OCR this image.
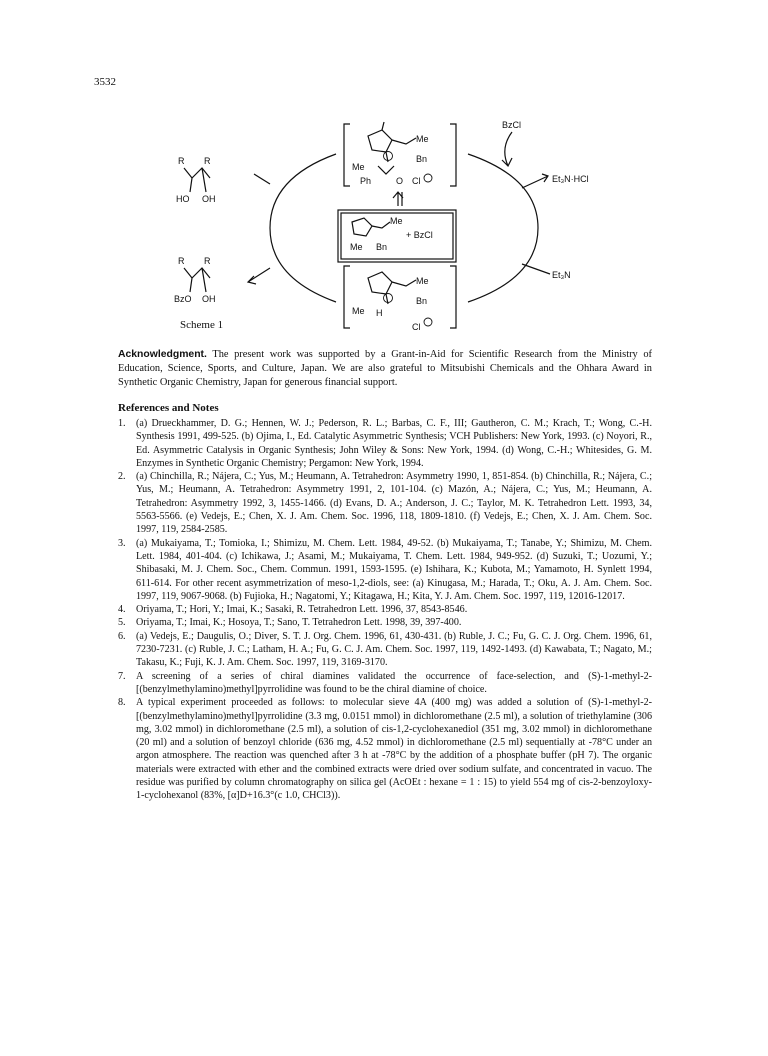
3532
BzCl
Et₃N·HCl
Et₃N
R R
HO OH
R R
BzO OH
Me
Me
Bn
Ph	O Cl
Me
Me Bn
+ BzCl
Me
Me H
Bn
Cl
Scheme 1
Acknowledgment. The present work was supported by a Grant-in-Aid for Scientific Research from the Ministry of Education, Science, Sports, and Culture, Japan. We are also grateful to Mitsubishi Chemicals and the Ohhara Award in Synthetic Organic Chemistry, Japan for generous financial support.
References and Notes
1. (a) Drueckhammer, D. G.; Hennen, W. J.; Pederson, R. L.; Barbas, C. F., III; Gautheron, C. M.; Krach, T.; Wong, C.-H. Synthesis 1991, 499-525. (b) Ojima, I., Ed. Catalytic Asymmetric Synthesis; VCH Publishers: New York, 1993. (c) Noyori, R., Ed. Asymmetric Catalysis in Organic Synthesis; John Wiley & Sons: New York, 1994. (d) Wong, C.-H.; Whitesides, G. M. Enzymes in Synthetic Organic Chemistry; Pergamon: New York, 1994.
2. (a) Chinchilla, R.; Nájera, C.; Yus, M.; Heumann, A. Tetrahedron: Asymmetry 1990, 1, 851-854. (b) Chinchilla, R.; Nájera, C.; Yus, M.; Heumann, A. Tetrahedron: Asymmetry 1991, 2, 101-104. (c) Mazón, A.; Nájera, C.; Yus, M.; Heumann, A. Tetrahedron: Asymmetry 1992, 3, 1455-1466. (d) Evans, D. A.; Anderson, J. C.; Taylor, M. K. Tetrahedron Lett. 1993, 34, 5563-5566. (e) Vedejs, E.; Chen, X. J. Am. Chem. Soc. 1996, 118, 1809-1810. (f) Vedejs, E.; Chen, X. J. Am. Chem. Soc. 1997, 119, 2584-2585.
3. (a) Mukaiyama, T.; Tomioka, I.; Shimizu, M. Chem. Lett. 1984, 49-52. (b) Mukaiyama, T.; Tanabe, Y.; Shimizu, M. Chem. Lett. 1984, 401-404. (c) Ichikawa, J.; Asami, M.; Mukaiyama, T. Chem. Lett. 1984, 949-952. (d) Suzuki, T.; Uozumi, Y.; Shibasaki, M. J. Chem. Soc., Chem. Commun. 1991, 1593-1595. (e) Ishihara, K.; Kubota, M.; Yamamoto, H. Synlett 1994, 611-614. For other recent asymmetrization of meso-1,2-diols, see: (a) Kinugasa, M.; Harada, T.; Oku, A. J. Am. Chem. Soc. 1997, 119, 9067-9068. (b) Fujioka, H.; Nagatomi, Y.; Kitagawa, H.; Kita, Y. J. Am. Chem. Soc. 1997, 119, 12016-12017.
4. Oriyama, T.; Hori, Y.; Imai, K.; Sasaki, R. Tetrahedron Lett. 1996, 37, 8543-8546.
5. Oriyama, T.; Imai, K.; Hosoya, T.; Sano, T. Tetrahedron Lett. 1998, 39, 397-400.
6. (a) Vedejs, E.; Daugulis, O.; Diver, S. T. J. Org. Chem. 1996, 61, 430-431. (b) Ruble, J. C.; Fu, G. C. J. Org. Chem. 1996, 61, 7230-7231. (c) Ruble, J. C.; Latham, H. A.; Fu, G. C. J. Am. Chem. Soc. 1997, 119, 1492-1493. (d) Kawabata, T.; Nagato, M.; Takasu, K.; Fuji, K. J. Am. Chem. Soc. 1997, 119, 3169-3170.
7. A screening of a series of chiral diamines validated the occurrence of face-selection, and (S)-1-methyl-2-[(benzylmethylamino)methyl]pyrrolidine was found to be the chiral diamine of choice.
8. A typical experiment proceeded as follows: to molecular sieve 4A (400 mg) was added a solution of (S)-1-methyl-2-[(benzylmethylamino)methyl]pyrrolidine (3.3 mg, 0.0151 mmol) in dichloromethane (2.5 ml), a solution of triethylamine (306 mg, 3.02 mmol) in dichloromethane (2.5 ml), a solution of cis-1,2-cyclohexanediol (351 mg, 3.02 mmol) in dichloromethane (20 ml) and a solution of benzoyl chloride (636 mg, 4.52 mmol) in dichloromethane (2.5 ml) sequentially at -78°C under an argon atmosphere. The reaction was quenched after 3 h at -78°C by the addition of a phosphate buffer (pH 7). The organic materials were extracted with ether and the combined extracts were dried over sodium sulfate, and concentrated in vacuo. The residue was purified by column chromatography on silica gel (AcOEt : hexane = 1 : 15) to yield 554 mg of cis-2-benzoyloxy-1-cyclohexanol (83%, [α]D+16.3°(c 1.0, CHCl3)).
